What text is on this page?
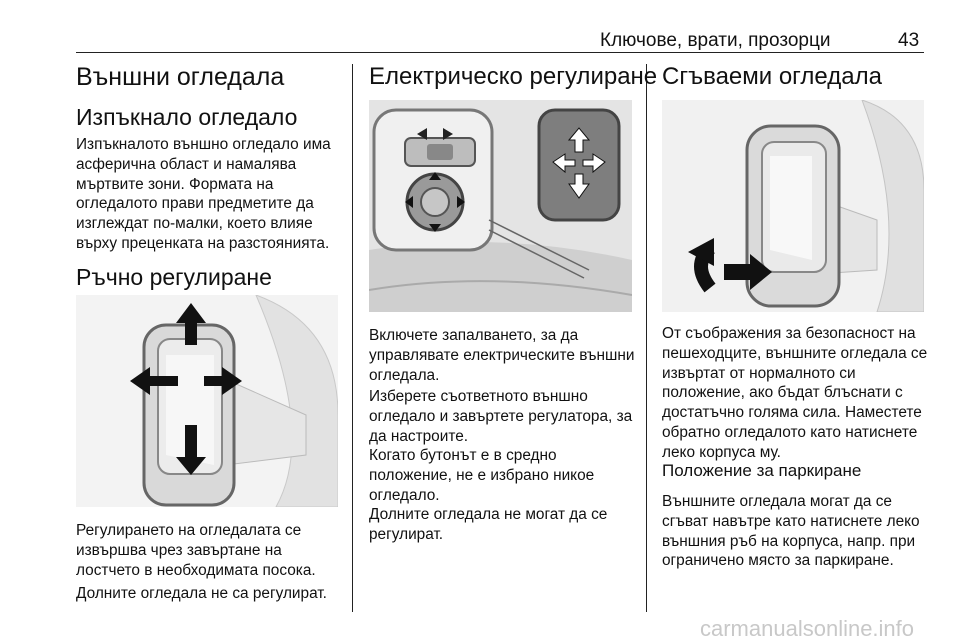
Ключове, врати, прозорци	43
Външни огледала
Изпъкнало огледало

Изпъкналото външно огледало има асферична област и намалява мъртвите зони. Формата на огледалото прави предметите да изглеждат по-малки, което влияе върху преценката на разстоянията.

Ръчно регулиране

Регулирането на огледалата се извършва чрез завъртане на лостчето в необходимата посока.

Долните огледала не са регулират.

Електрическо регулиране

Включете запалването, за да управлявате електрическите външни огледала.

Изберете съответното външно огледало и завъртете регулатора, за да настроите.

Когато бутонът е в средно положение, не е избрано никое огледало.

Долните огледала не могат да се регулират.

Сгъваеми огледала

От съображения за безопасност на пешеходците, външните огледала се извъртат от нормалното си положение, ако бъдат блъснати с достатъчно голяма сила. Наместете обратно огледалото като натиснете леко корпуса му.

Положение за паркиране

Външните огледала могат да се сгъват навътре като натиснете леко външния ръб на корпуса, напр. при ограничено място за паркиране.

carmanualsonline.info
